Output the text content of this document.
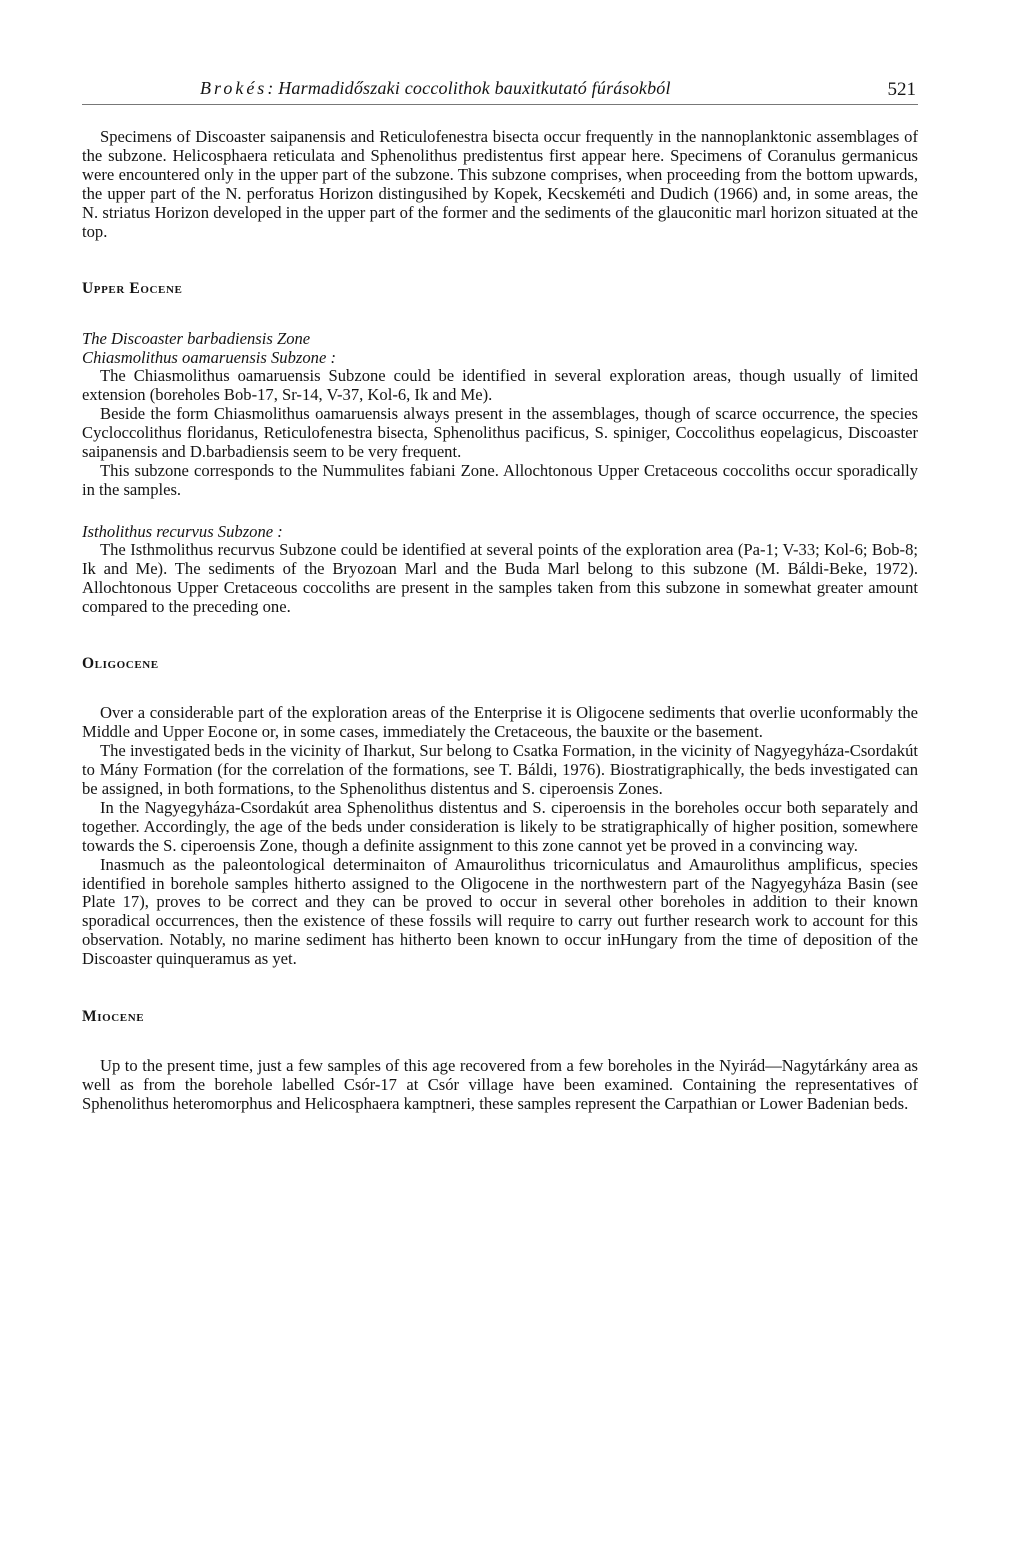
Brokés: Harmadidőszaki coccolithok bauxitkutató fúrásokból	521

Specimens of Discoaster saipanensis and Reticulofenestra bisecta occur frequently in the nannoplanktonic assemblages of the subzone. Helicosphaera reticulata and Sphenolithus predistentus first appear here. Specimens of Coranulus germanicus were encountered only in the upper part of the subzone. This subzone comprises, when proceeding from the bottom upwards, the upper part of the N. perforatus Horizon distingusihed by Kopek, Kecskeméti and Dudich (1966) and, in some areas, the N. striatus Horizon developed in the upper part of the former and the sediments of the glauconitic marl horizon situated at the top.

Upper Eocene

The Discoaster barbadiensis Zone

Chiasmolithus oamaruensis Subzone :

The Chiasmolithus oamaruensis Subzone could be identified in several exploration areas, though usually of limited extension (boreholes Bob-17, Sr-14, V-37, Kol-6, Ik and Me).

Beside the form Chiasmolithus oamaruensis always present in the assemblages, though of scarce occurrence, the species Cycloccolithus floridanus, Reticulofenestra bisecta, Sphenolithus pacificus, S. spiniger, Coccolithus eopelagicus, Discoaster saipanensis and D.barbadiensis seem to be very frequent.

This subzone corresponds to the Nummulites fabiani Zone. Allochtonous Upper Cretaceous coccoliths occur sporadically in the samples.

Istholithus recurvus Subzone :

The Isthmolithus recurvus Subzone could be identified at several points of the exploration area (Pa-1; V-33; Kol-6; Bob-8; Ik and Me). The sediments of the Bryozoan Marl and the Buda Marl belong to this subzone (M. Báldi-Beke, 1972). Allochtonous Upper Cretaceous coccoliths are present in the samples taken from this subzone in somewhat greater amount compared to the preceding one.

Oligocene

Over a considerable part of the exploration areas of the Enterprise it is Oligocene sediments that overlie uconformably the Middle and Upper Eocone or, in some cases, immediately the Cretaceous, the bauxite or the basement.

The investigated beds in the vicinity of Iharkut, Sur belong to Csatka Formation, in the vicinity of Nagyegyháza-Csordakút to Mány Formation (for the correlation of the formations, see T. Báldi, 1976). Biostratigraphically, the beds investigated can be assigned, in both formations, to the Sphenolithus distentus and S. ciperoensis Zones.

In the Nagyegyháza-Csordakút area Sphenolithus distentus and S. ciperoensis in the boreholes occur both separately and together. Accordingly, the age of the beds under consideration is likely to be stratigraphically of higher position, somewhere towards the S. ciperoensis Zone, though a definite assignment to this zone cannot yet be proved in a convincing way.

Inasmuch as the paleontological determinaiton of Amaurolithus tricorniculatus and Amaurolithus amplificus, species identified in borehole samples hitherto assigned to the Oligocene in the northwestern part of the Nagyegyháza Basin (see Plate 17), proves to be correct and they can be proved to occur in several other boreholes in addition to their known sporadical occurrences, then the existence of these fossils will require to carry out further research work to account for this observation. Notably, no marine sediment has hitherto been known to occur inHungary from the time of deposition of the Discoaster quinqueramus as yet.

Miocene

Up to the present time, just a few samples of this age recovered from a few boreholes in the Nyirád—Nagytárkány area as well as from the borehole labelled Csór-17 at Csór village have been examined. Containing the representatives of Sphenolithus heteromorphus and Helicosphaera kamptneri, these samples represent the Carpathian or Lower Badenian beds.
